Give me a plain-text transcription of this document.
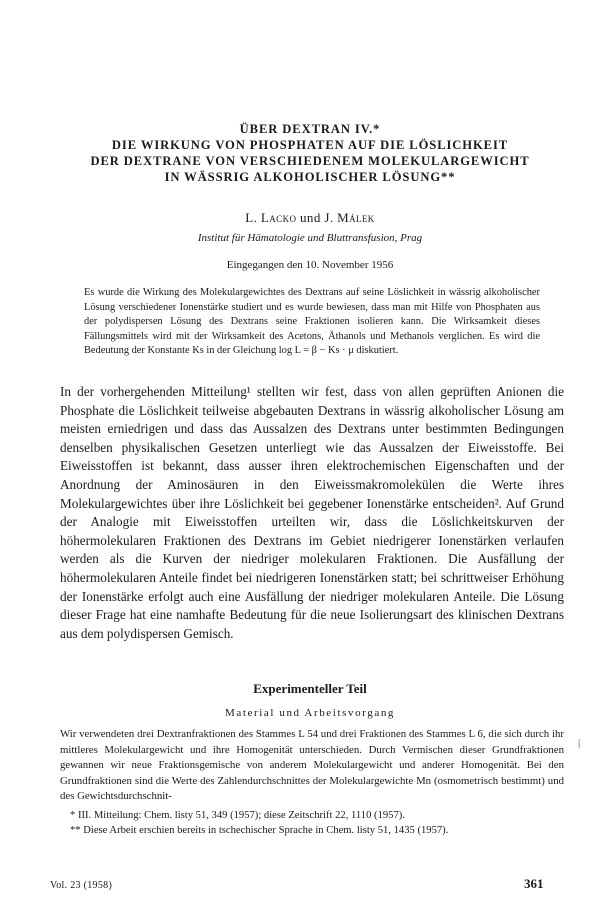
ÜBER DEXTRAN IV.*
DIE WIRKUNG VON PHOSPHATEN AUF DIE LÖSLICHKEIT
DER DEXTRANE VON VERSCHIEDENEM MOLEKULARGEWICHT
IN WÄSSRIG ALKOHOLISCHER LÖSUNG**
L. Lacko und J. Málek
Institut für Hämatologie und Bluttransfusion, Prag
Eingegangen den 10. November 1956

Es wurde die Wirkung des Molekulargewichtes des Dextrans auf seine Löslichkeit in wässrig alkoholischer Lösung verschiedener Ionenstärke studiert und es wurde bewiesen, dass man mit Hilfe von Phosphaten aus der polydispersen Lösung des Dextrans seine Fraktionen isolieren kann. Die Wirksamkeit dieses Fällungsmittels wird mit der Wirksamkeit des Acetons, Äthanols und Methanols verglichen. Es wird die Bedeutung der Konstante Ks in der Gleichung log L = β − Ks · μ diskutiert.

In der vorhergehenden Mitteilung¹ stellten wir fest, dass von allen geprüften Anionen die Phosphate die Löslichkeit teilweise abgebauten Dextrans in wässrig alkoholischer Lösung am meisten erniedrigen und dass das Aussalzen des Dextrans unter bestimmten Bedingungen denselben physikalischen Gesetzen unterliegt wie das Aussalzen der Eiweisstoffe. Bei Eiweisstoffen ist bekannt, dass ausser ihren elektrochemischen Eigenschaften und der Anordnung der Aminosäuren in den Eiweissmakromolekülen die Werte ihres Molekulargewichtes über ihre Löslichkeit bei gegebener Ionenstärke entscheiden². Auf Grund der Analogie mit Eiweisstoffen urteilten wir, dass die Löslichkeitskurven der höhermolekularen Fraktionen des Dextrans im Gebiet niedrigerer Ionenstärken verlaufen werden als die Kurven der niedriger molekularen Fraktionen. Die Ausfällung der höhermolekularen Anteile findet bei niedrigeren Ionenstärken statt; bei schrittweiser Erhöhung der Ionenstärke erfolgt auch eine Ausfällung der niedriger molekularen Anteile. Die Lösung dieser Frage hat eine namhafte Bedeutung für die neue Isolierungsart des klinischen Dextrans aus dem polydispersen Gemisch.

Experimenteller Teil
Material und Arbeitsvorgang

Wir verwendeten drei Dextranfraktionen des Stammes L 54 und drei Fraktionen des Stammes L 6, die sich durch ihr mittleres Molekulargewicht und ihre Homogenität unterschieden. Durch Vermischen dieser Grundfraktionen gewannen wir neue Fraktionsgemische von anderem Molekulargewicht und anderer Homogenität. Bei den Grundfraktionen sind die Werte des Zahlendurchschnittes der Molekulargewichte Mn (osmometrisch bestimmt) und des Gewichtsdurchschnit-

* III. Mitteilung: Chem. listy 51, 349 (1957); diese Zeitschrift 22, 1110 (1957).
** Diese Arbeit erschien bereits in tschechischer Sprache in Chem. listy 51, 1435 (1957).
Vol. 23 (1958)	361
|
